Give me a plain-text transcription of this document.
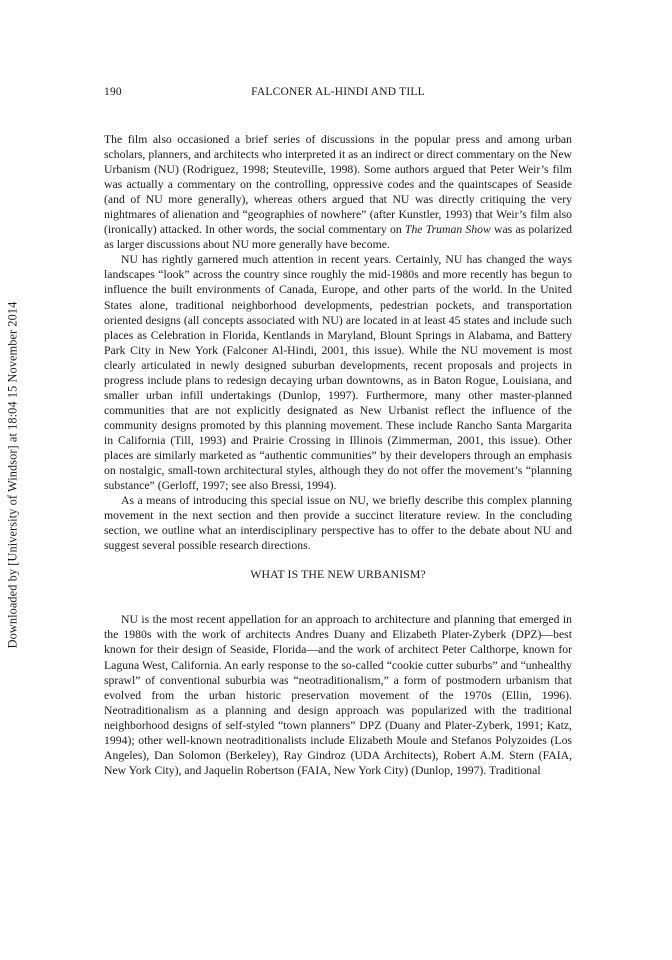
190	FALCONER AL-HINDI AND TILL
Downloaded by [University of Windsor] at 18:04 15 November 2014

The film also occasioned a brief series of discussions in the popular press and among urban scholars, planners, and architects who interpreted it as an indirect or direct commentary on the New Urbanism (NU) (Rodriguez, 1998; Steuteville, 1998). Some authors argued that Peter Weir’s film was actually a commentary on the controlling, oppressive codes and the quaintscapes of Seaside (and of NU more generally), whereas others argued that NU was directly critiquing the very nightmares of alienation and “geographies of nowhere” (after Kunstler, 1993) that Weir’s film also (ironically) attacked. In other words, the social commentary on The Truman Show was as polarized as larger discussions about NU more generally have become.

NU has rightly garnered much attention in recent years. Certainly, NU has changed the ways landscapes “look” across the country since roughly the mid-1980s and more recently has begun to influence the built environments of Canada, Europe, and other parts of the world. In the United States alone, traditional neighborhood developments, pedestrian pockets, and transportation oriented designs (all concepts associated with NU) are located in at least 45 states and include such places as Celebration in Florida, Kentlands in Maryland, Blount Springs in Alabama, and Battery Park City in New York (Falconer Al-Hindi, 2001, this issue). While the NU movement is most clearly articulated in newly designed suburban developments, recent proposals and projects in progress include plans to redesign decaying urban downtowns, as in Baton Rogue, Louisiana, and smaller urban infill undertakings (Dunlop, 1997). Furthermore, many other master-planned communities that are not explicitly designated as New Urbanist reflect the influence of the community designs promoted by this planning movement. These include Rancho Santa Margarita in California (Till, 1993) and Prairie Crossing in Illinois (Zimmerman, 2001, this issue). Other places are similarly marketed as “authentic communities” by their developers through an emphasis on nostalgic, small-town architectural styles, although they do not offer the movement’s “planning substance” (Gerloff, 1997; see also Bressi, 1994).

As a means of introducing this special issue on NU, we briefly describe this complex planning movement in the next section and then provide a succinct literature review. In the concluding section, we outline what an interdisciplinary perspective has to offer to the debate about NU and suggest several possible research directions.

WHAT IS THE NEW URBANISM?

NU is the most recent appellation for an approach to architecture and planning that emerged in the 1980s with the work of architects Andres Duany and Elizabeth Plater-Zyberk (DPZ)—best known for their design of Seaside, Florida—and the work of architect Peter Calthorpe, known for Laguna West, California. An early response to the so-called “cookie cutter suburbs” and “unhealthy sprawl” of conventional suburbia was “neotraditionalism,” a form of postmodern urbanism that evolved from the urban historic preservation movement of the 1970s (Ellin, 1996). Neotraditionalism as a planning and design approach was popularized with the traditional neighborhood designs of self-styled “town planners” DPZ (Duany and Plater-Zyberk, 1991; Katz, 1994); other well-known neotraditionalists include Elizabeth Moule and Stefanos Polyzoides (Los Angeles), Dan Solomon (Berkeley), Ray Gindroz (UDA Architects), Robert A.M. Stern (FAIA, New York City), and Jaquelin Robertson (FAIA, New York City) (Dunlop, 1997). Traditional
